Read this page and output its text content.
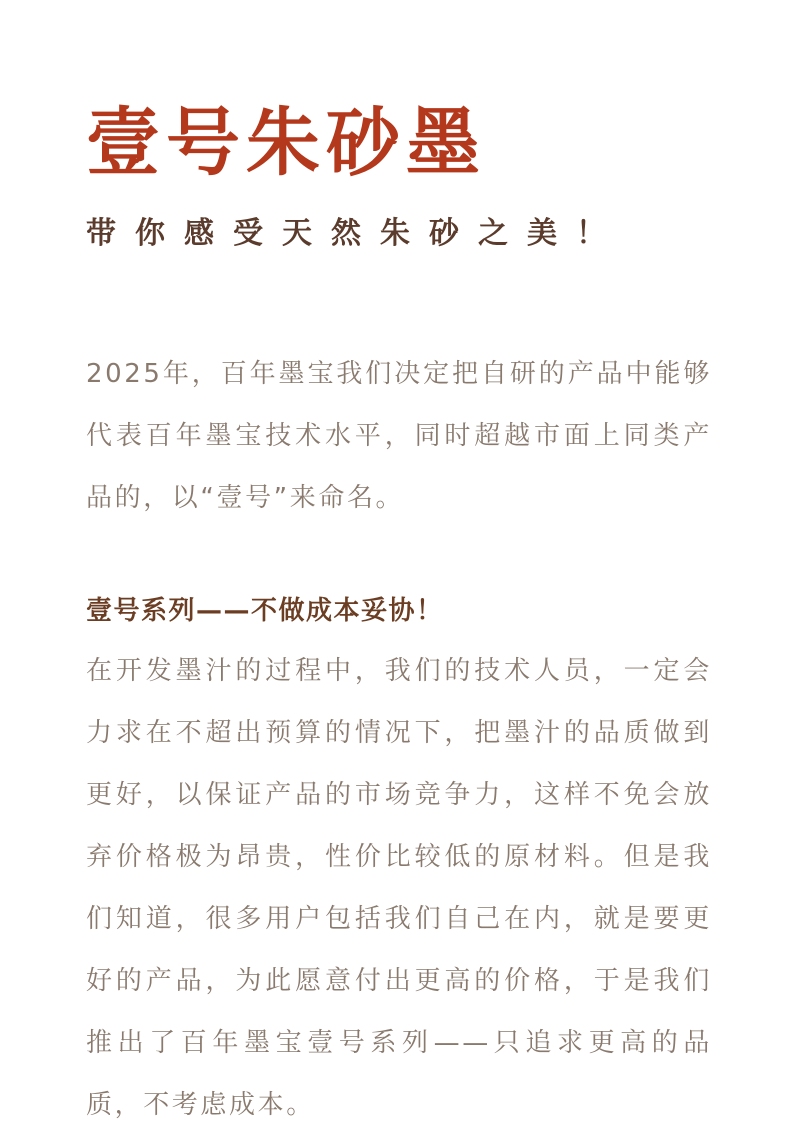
壹号朱砂墨
带你感受天然朱砂之美！

2025年，百年墨宝我们决定把自研的产品中能够代表百年墨宝技术水平，同时超越市面上同类产品的，以“壹号”来命名。

壹号系列——不做成本妥协！

在开发墨汁的过程中，我们的技术人员，一定会力求在不超出预算的情况下，把墨汁的品质做到更好，以保证产品的市场竞争力，这样不免会放弃价格极为昂贵，性价比较低的原材料。但是我们知道，很多用户包括我们自己在内，就是要更好的产品，为此愿意付出更高的价格，于是我们推出了百年墨宝壹号系列——只追求更高的品质，不考虑成本。
